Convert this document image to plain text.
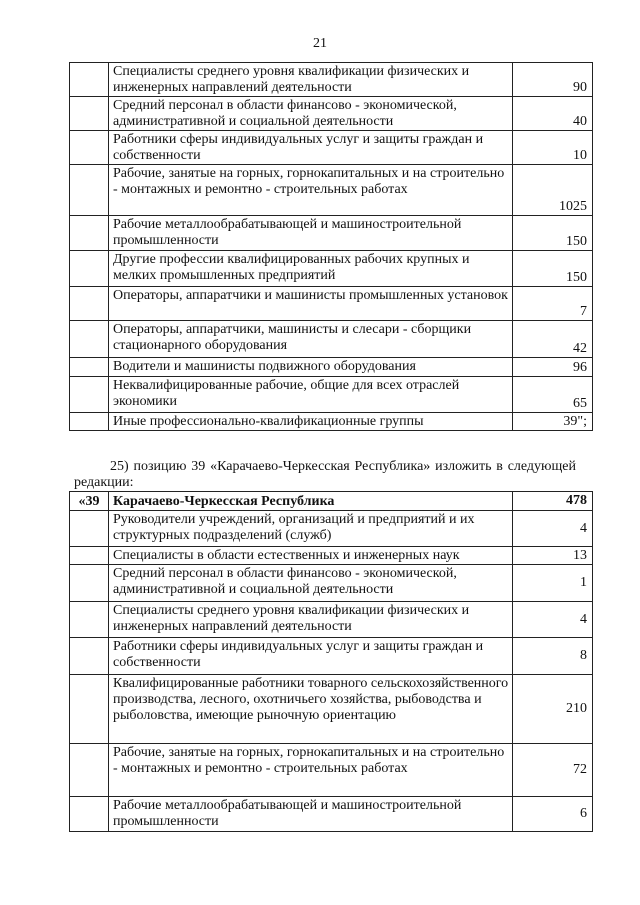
21
	Специалисты среднего уровня квалификации физических и инженерных направлений деятельности	90
	Средний персонал в области финансово - экономической, административной и социальной деятельности	40
	Работники сферы индивидуальных услуг и защиты граждан и собственности	10
	Рабочие, занятые на горных, горнокапитальных и на строительно - монтажных и ремонтно - строительных работах	1025
	Рабочие металлообрабатывающей и машиностроительной промышленности	150
	Другие профессии квалифицированных рабочих крупных и мелких промышленных предприятий	150
	Операторы, аппаратчики и машинисты промышленных установок	7
	Операторы, аппаратчики, машинисты и слесари - сборщики стационарного оборудования	42
	Водители и машинисты подвижного оборудования	96
	Неквалифицированные рабочие, общие для всех отраслей экономики	65
	Иные профессионально-квалификационные группы	39";

25) позицию 39 «Карачаево-Черкесская Республика» изложить в следующей редакции:

«39	Карачаево-Черкесская Республика	478
	Руководители учреждений, организаций и предприятий и их структурных подразделений (служб)	4
	Специалисты в области естественных и инженерных наук	13
	Средний персонал в области финансово - экономической, административной и социальной деятельности	1
	Специалисты среднего уровня квалификации физических и инженерных направлений деятельности	4
	Работники сферы индивидуальных услуг и защиты граждан и собственности	8
	Квалифицированные работники товарного сельскохозяйственного производства, лесного, охотничьего хозяйства, рыбоводства и рыболовства, имеющие рыночную ориентацию	210
	Рабочие, занятые на горных, горнокапитальных и на строительно - монтажных и ремонтно - строительных работах	72
	Рабочие металлообрабатывающей и машиностроительной промышленности	6
